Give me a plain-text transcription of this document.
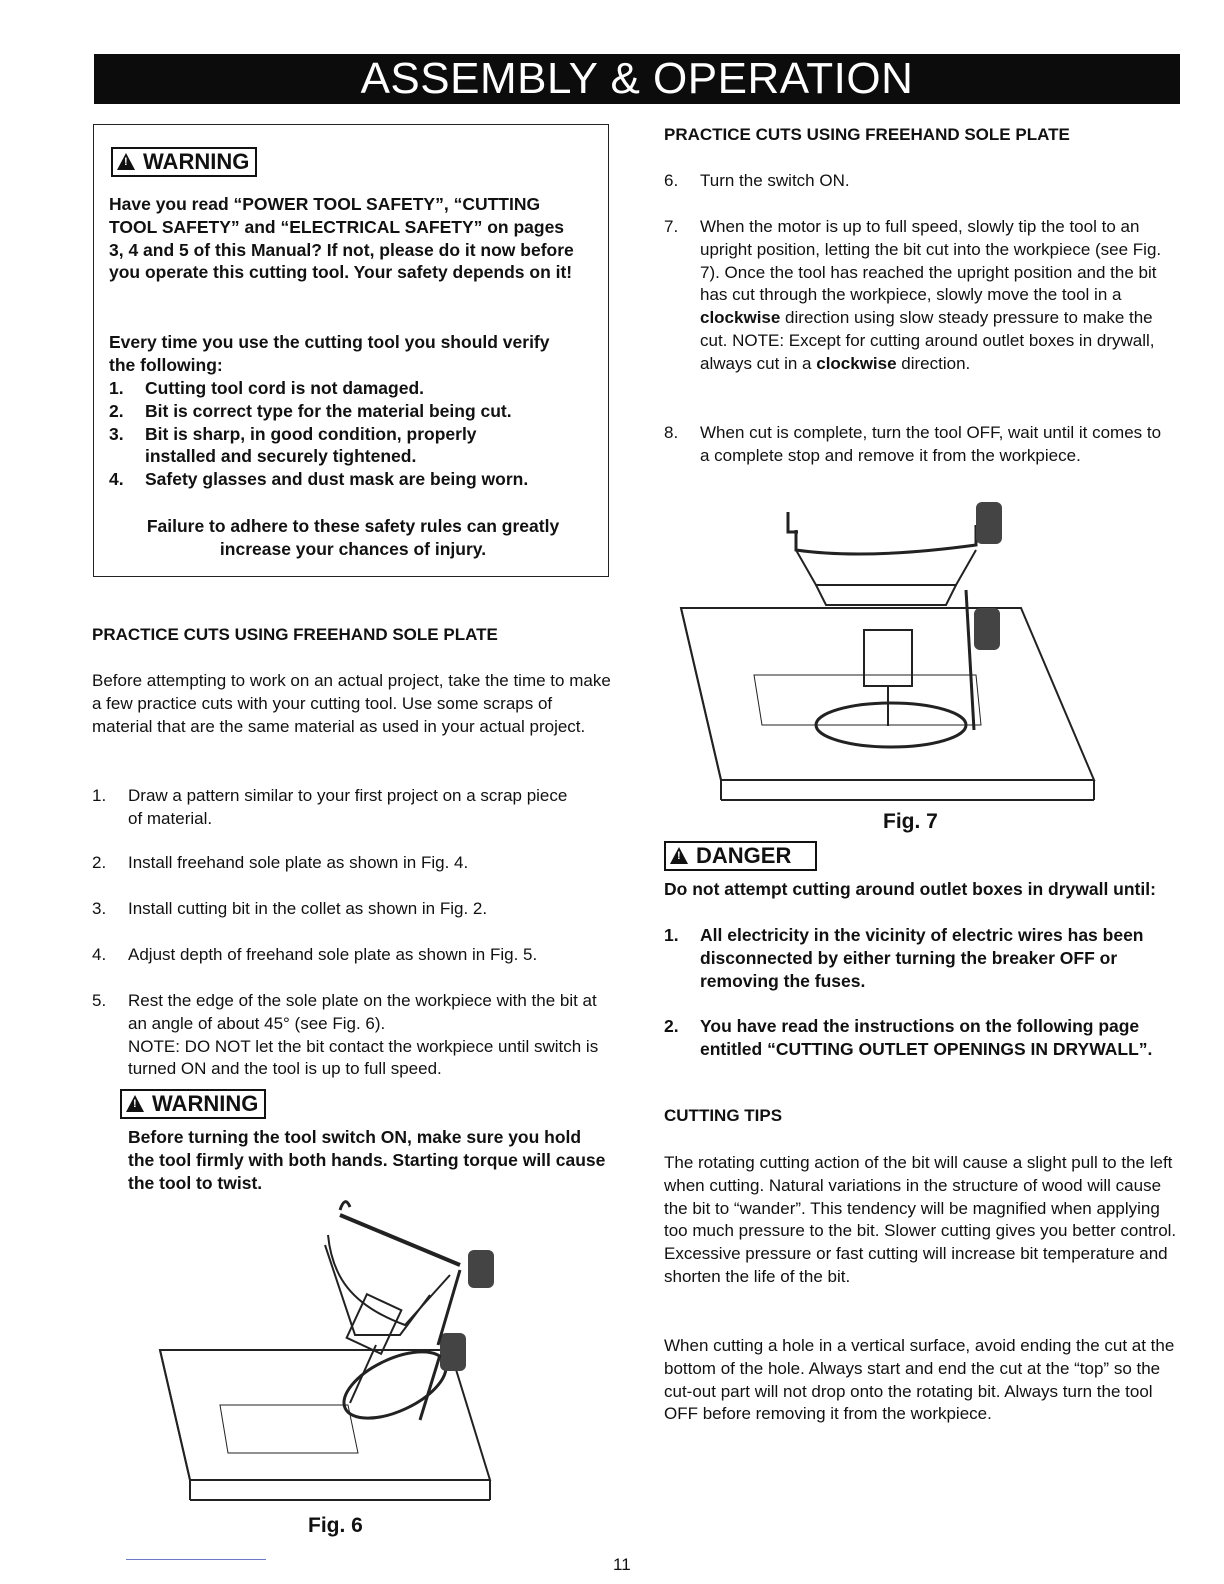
ASSEMBLY & OPERATION
!WARNING
Have you read “POWER TOOL SAFETY”, “CUTTING TOOL SAFETY” and “ELECTRICAL SAFETY” on pages 3, 4 and 5 of this Manual? If not, please do it now before you operate this cutting tool. Your safety depends on it!
Every time you use the cutting tool you should verify the following:
1.	Cutting tool cord is not damaged.
2.	Bit is correct type for the material being cut.
3.	Bit is sharp, in good condition, properly installed and securely tightened.
4.	Safety glasses and dust mask are being worn.
Failure to adhere to these safety rules can greatly increase your chances of injury.
PRACTICE CUTS USING FREEHAND SOLE PLATE
Before attempting to work on an actual project, take the time to make a few practice cuts with your cutting tool. Use some scraps of material that are the same material as used in your actual project.
1.	Draw a pattern similar to your first project on a scrap piece of material.
2.	Install freehand sole plate as shown in Fig. 4.
3.	Install cutting bit in the collet as shown in Fig. 2.
4.	Adjust depth of freehand sole plate as shown in Fig. 5.
5.	Rest the edge of the sole plate on the workpiece with the bit at an angle of about 45° (see Fig. 6).
NOTE: DO NOT let the bit contact the workpiece until switch is turned ON and the tool is up to full speed.
!WARNING
Before turning the tool switch ON, make sure you hold the tool firmly with both hands. Starting torque will cause the tool to twist.
Fig. 6
PRACTICE CUTS USING FREEHAND SOLE PLATE
6.	Turn the switch ON.
7.	When the motor is up to full speed, slowly tip the tool to an upright position, letting the bit cut into the workpiece (see Fig. 7). Once the tool has reached the upright position and the bit has cut through the workpiece, slowly move the tool in a clockwise direction using slow steady pressure to make the cut. NOTE: Except for cutting around outlet boxes in drywall, always cut in a clockwise direction.
8.	When cut is complete, turn the tool OFF, wait until it comes to a complete stop and remove it from the workpiece.
Fig. 7
!DANGER
Do not attempt cutting around outlet boxes in drywall until:
1.	All electricity in the vicinity of electric wires has been disconnected by either turning the breaker OFF or removing the fuses.
2.	You have read the instructions on the following page entitled “CUTTING OUTLET OPENINGS IN DRYWALL”.
CUTTING TIPS
The rotating cutting action of the bit will cause a slight pull to the left when cutting. Natural variations in the structure of wood will cause the bit to “wander”. This tendency will be magnified when applying too much pressure to the bit. Slower cutting gives you better control. Excessive pressure or fast cutting will increase bit temperature and shorten the life of the bit.
When cutting a hole in a vertical surface, avoid ending the cut at the bottom of the hole. Always start and end the cut at the “top” so the cut-out part will not drop onto the rotating bit. Always turn the tool OFF before removing it from the workpiece.
11
